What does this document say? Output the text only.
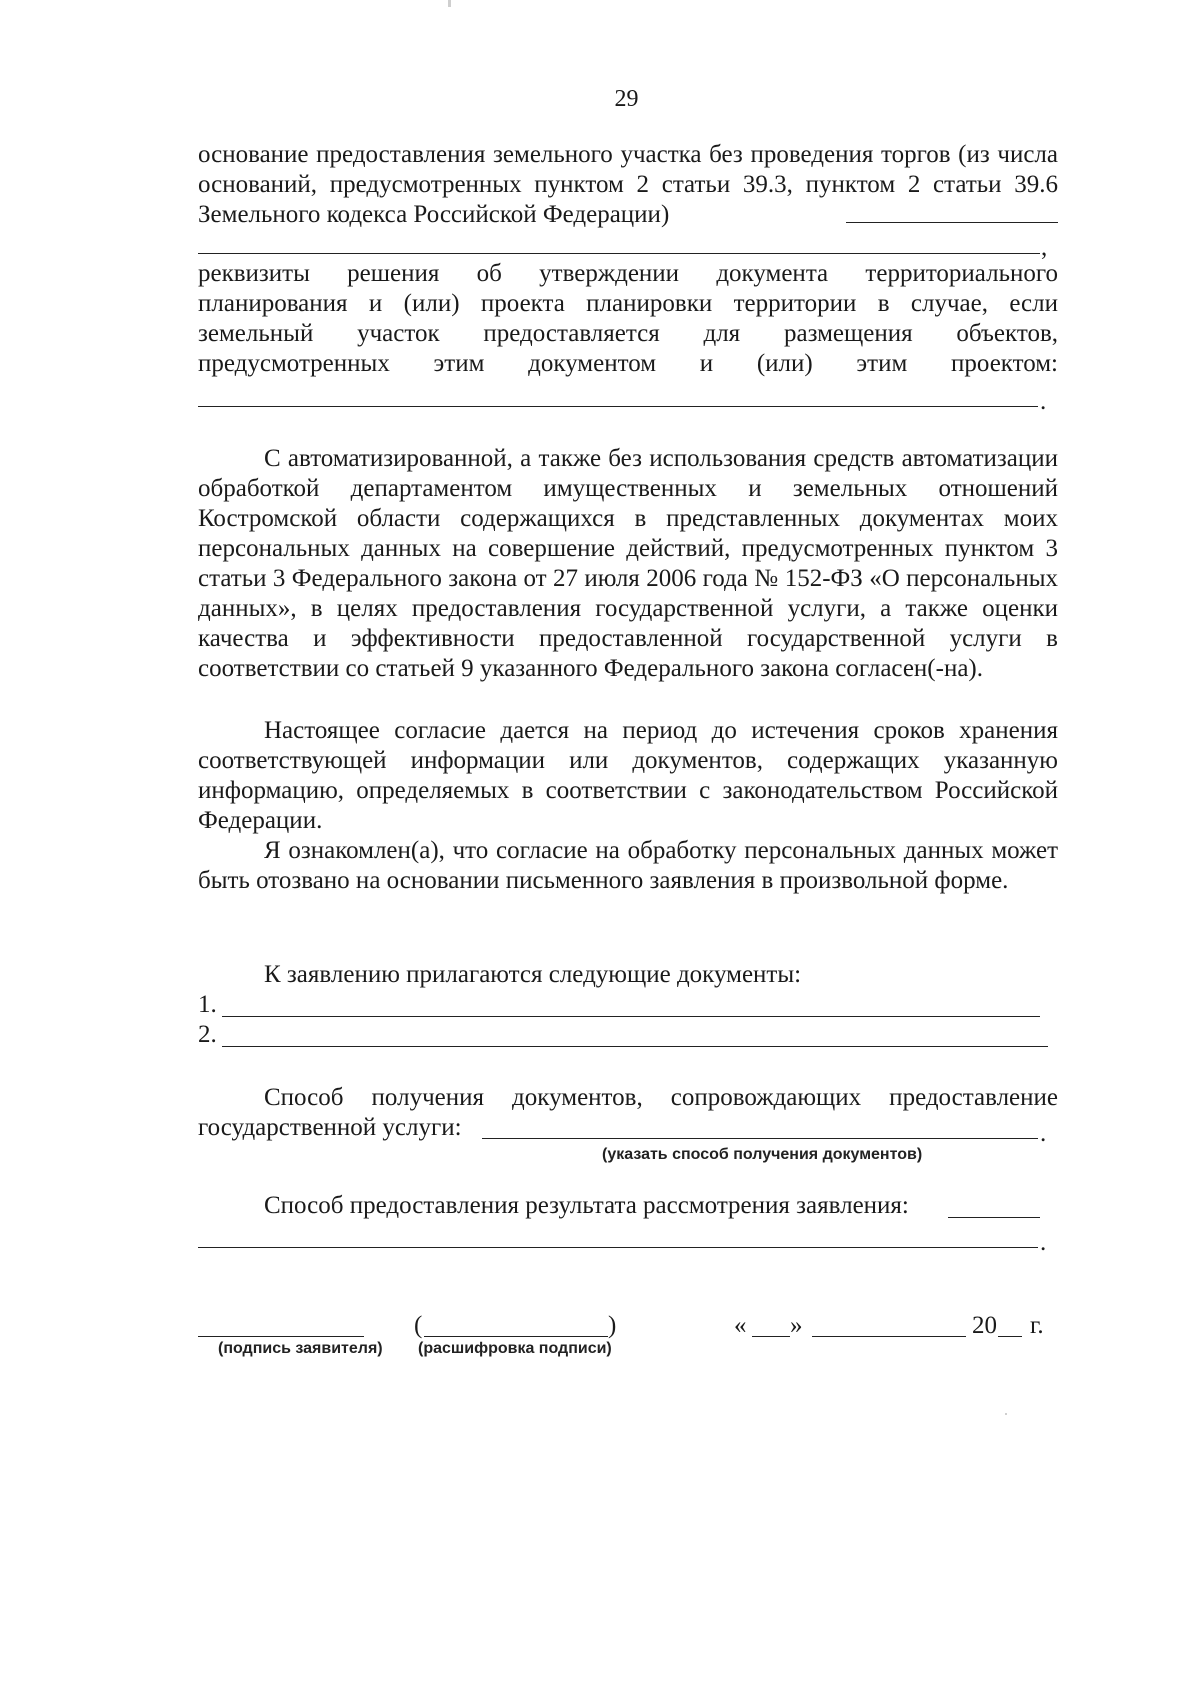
29
основание предоставления земельного участка без проведения торгов (из числа оснований, предусмотренных пунктом 2 статьи 39.3, пунктом 2 статьи 39.6 Земельного кодекса Российской Федерации)
,
реквизиты решения об утверждении документа территориального планирования и (или) проекта планировки территории в случае, если земельный участок предоставляется для размещения объектов, предусмотренных этим документом и (или) этим проектом:
.
С автоматизированной, а также без использования средств автоматизации обработкой департаментом имущественных и земельных отношений Костромской области содержащихся в представленных документах моих персональных данных на совершение действий, предусмотренных пунктом 3 статьи 3 Федерального закона от 27 июля 2006 года № 152-ФЗ «О персональных данных», в целях предоставления государственной услуги, а также оценки качества и эффективности предоставленной государственной услуги в соответствии со статьей 9 указанного Федерального закона согласен(-на).
Настоящее согласие дается на период до истечения сроков хранения соответствующей информации или документов, содержащих указанную информацию, определяемых в соответствии с законодательством Российской Федерации.
Я ознакомлен(а), что согласие на обработку персональных данных может быть отозвано на основании письменного заявления в произвольной форме.
К заявлению прилагаются следующие документы:
1.
2.
Способ получения документов, сопровождающих предоставление
государственной услуги:	.
(указать способ получения документов)
Способ предоставления результата рассмотрения заявления:
.
(подпись заявителя)
(	)
(расшифровка подписи)
« »	20 г.
